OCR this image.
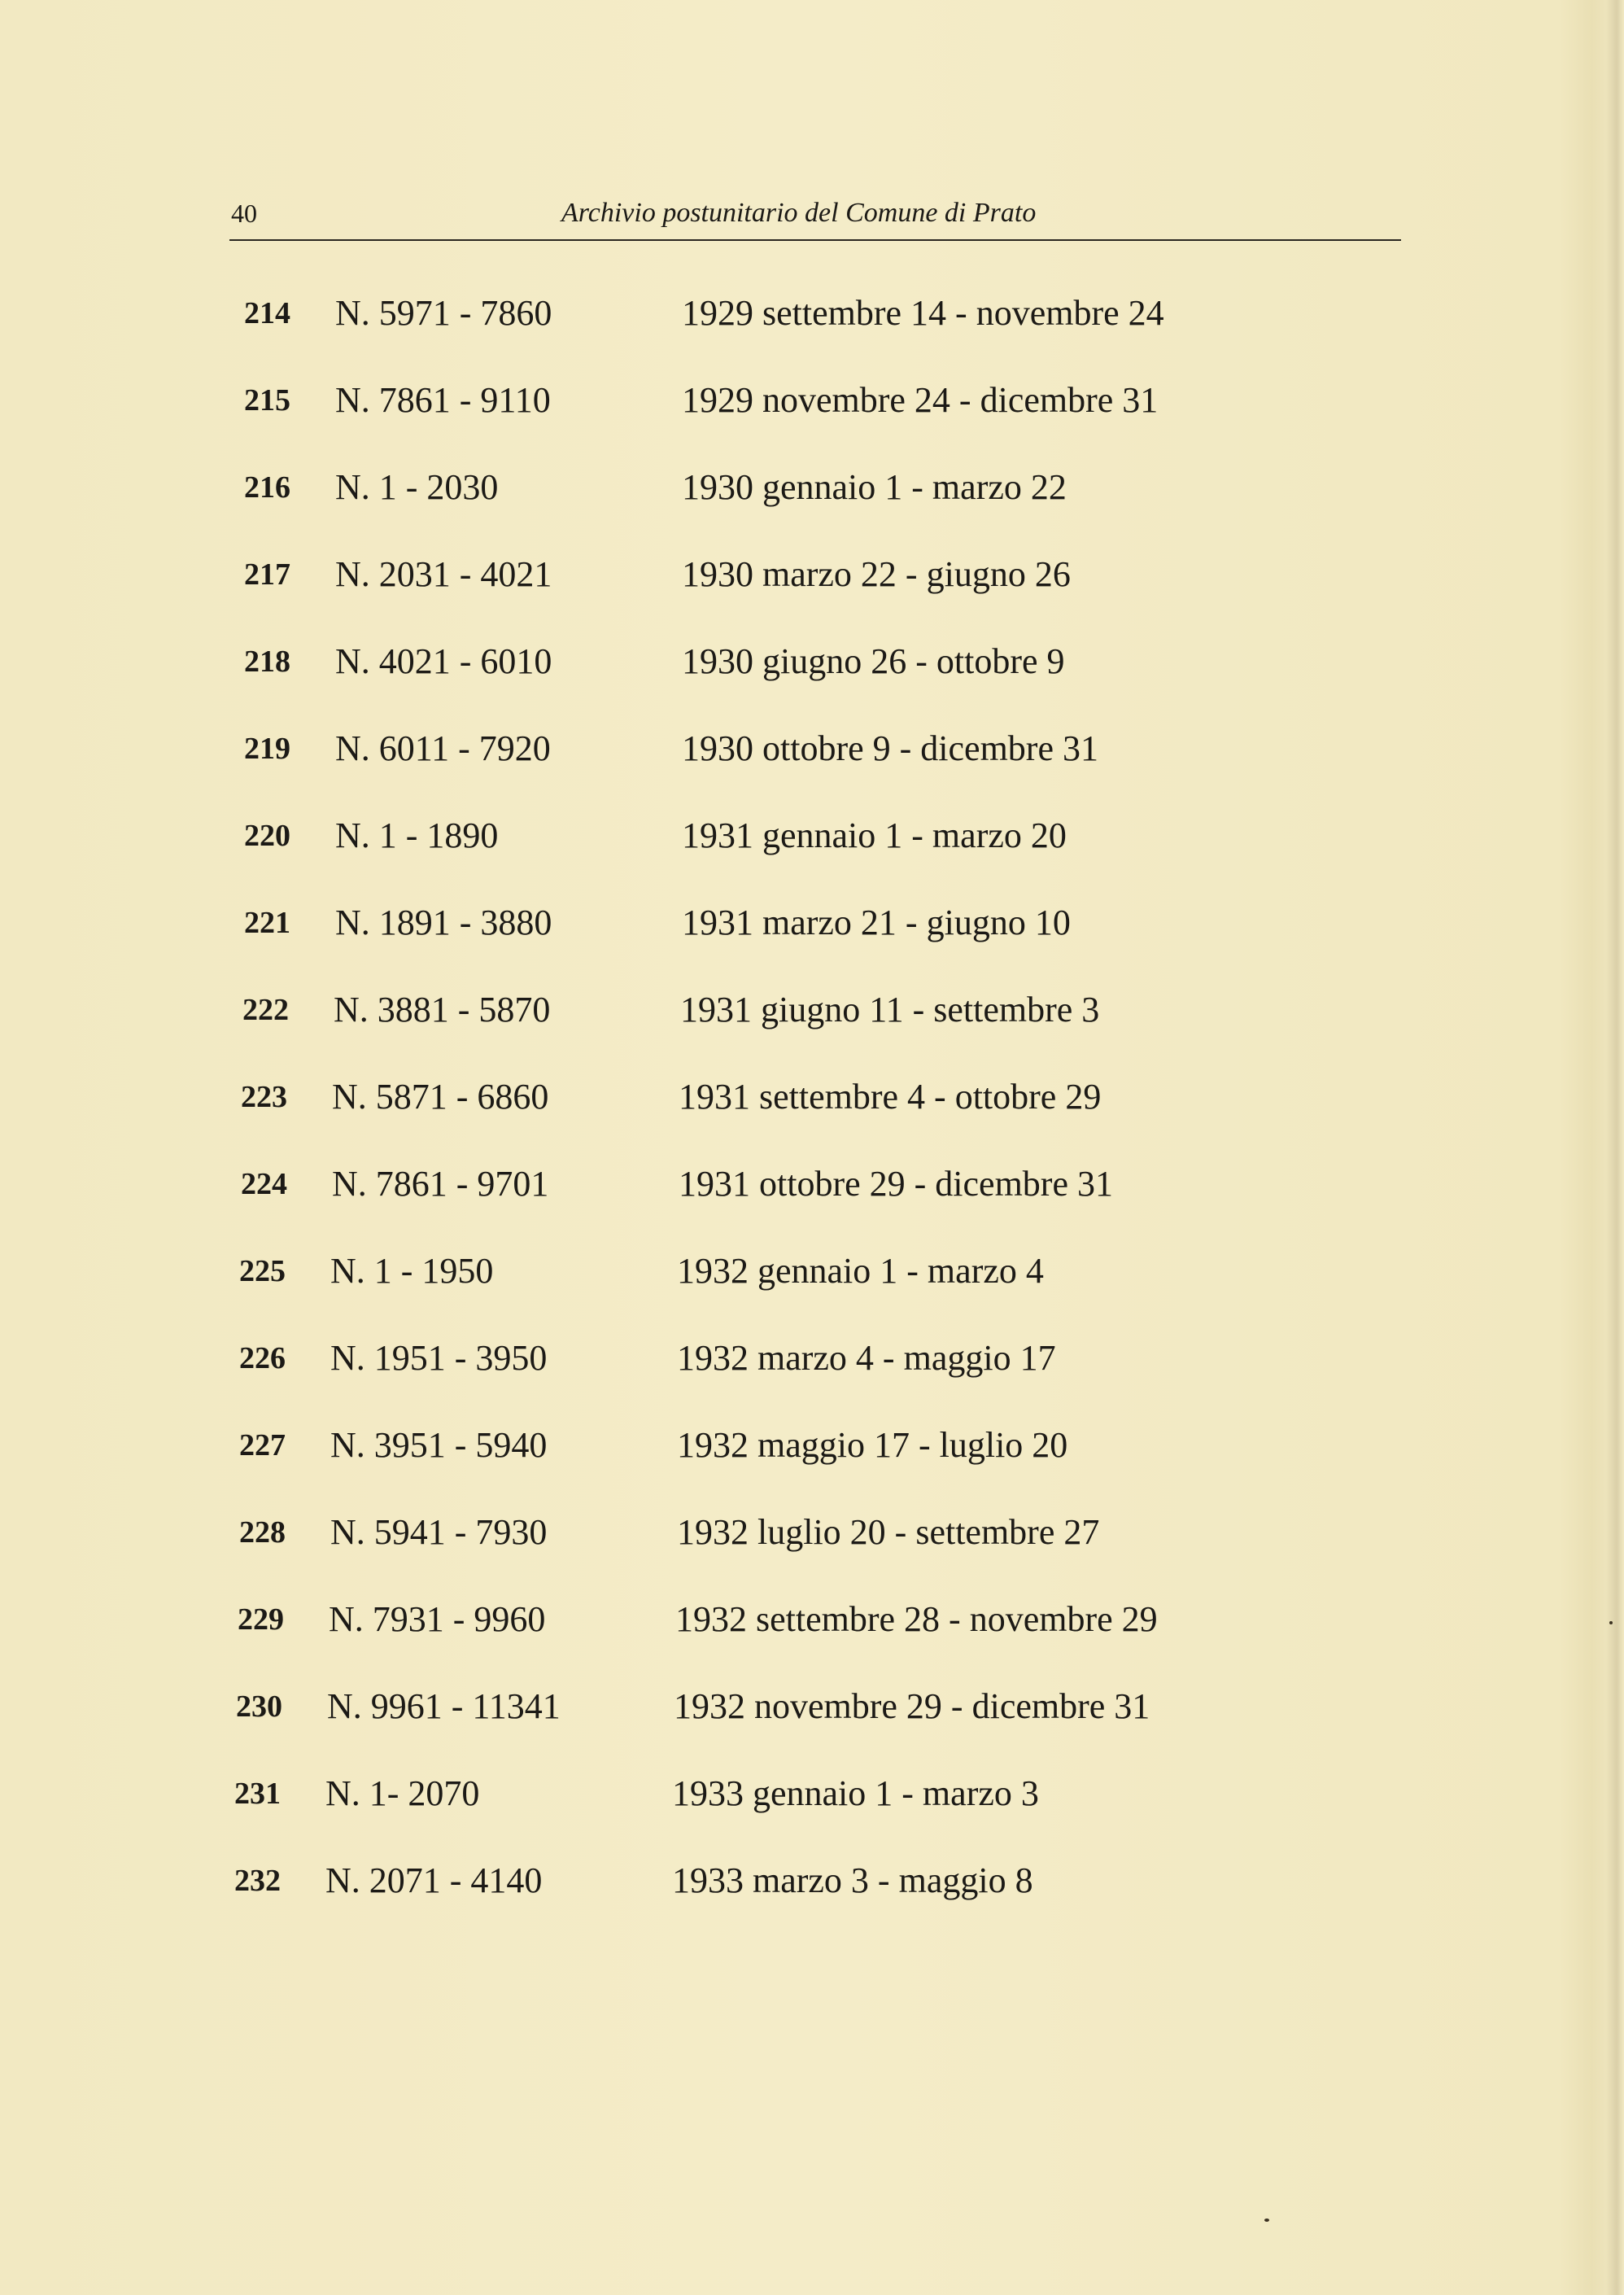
40	Archivio postunitario del Comune di Prato
214 N. 5971 - 7860	1929 settembre 14 - novembre 24
215 N. 7861 - 9110	1929 novembre 24 - dicembre 31
216 N. 1 - 2030	1930 gennaio 1 - marzo 22
217 N. 2031 - 4021	1930 marzo 22 - giugno 26
218 N. 4021 - 6010	1930 giugno 26 - ottobre 9
219 N. 6011 - 7920	1930 ottobre 9 - dicembre 31
220 N. 1 - 1890	1931 gennaio 1 - marzo 20
221 N. 1891 - 3880	1931 marzo 21 - giugno 10
222 N. 3881 - 5870	1931 giugno 11 - settembre 3
223 N. 5871 - 6860	1931 settembre 4 - ottobre 29
224 N. 7861 - 9701	1931 ottobre 29 - dicembre 31
225 N. 1 - 1950	1932 gennaio 1 - marzo 4
226 N. 1951 - 3950	1932 marzo 4 - maggio 17
227 N. 3951 - 5940	1932 maggio 17 - luglio 20
228 N. 5941 - 7930	1932 luglio 20 - settembre 27
229 N. 7931 - 9960	1932 settembre 28 - novembre 29
230 N. 9961 - 11341	1932 novembre 29 - dicembre 31
231 N. 1- 2070	1933 gennaio 1 - marzo 3
232 N. 2071 - 4140	1933 marzo 3 - maggio 8
